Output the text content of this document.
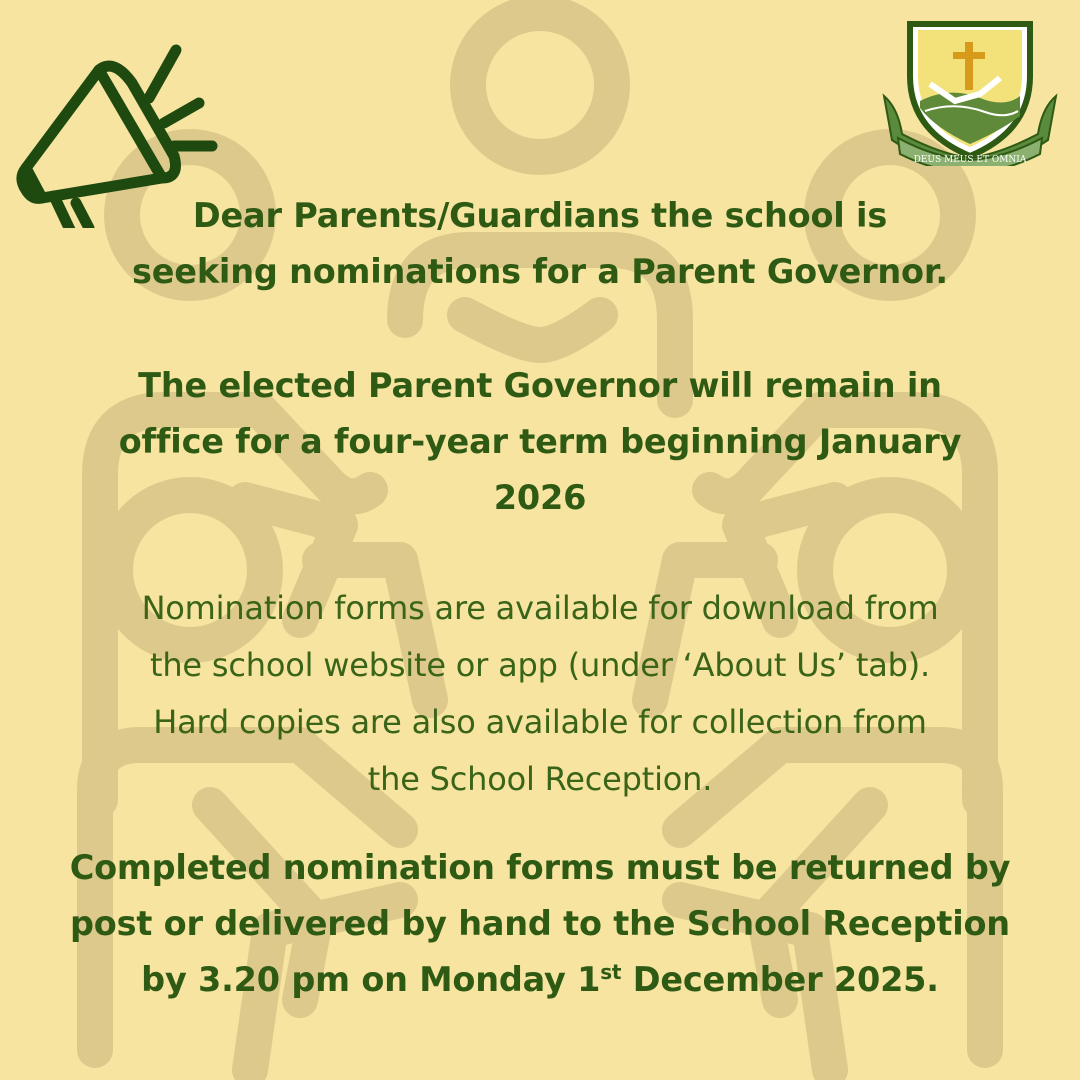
DEUS MEUS ET OMNIA
Dear Parents/Guardians the school is
seeking nominations for a Parent Governor.
The elected Parent Governor will remain in
office for a four-year term beginning January
2026
Nomination forms are available for download from
the school website or app (under ‘About Us’ tab).
Hard copies are also available for collection from
the School Reception.
Completed nomination forms must be returned by
post or delivered by hand to the School Reception
by 3.20 pm on Monday 1st December 2025.
